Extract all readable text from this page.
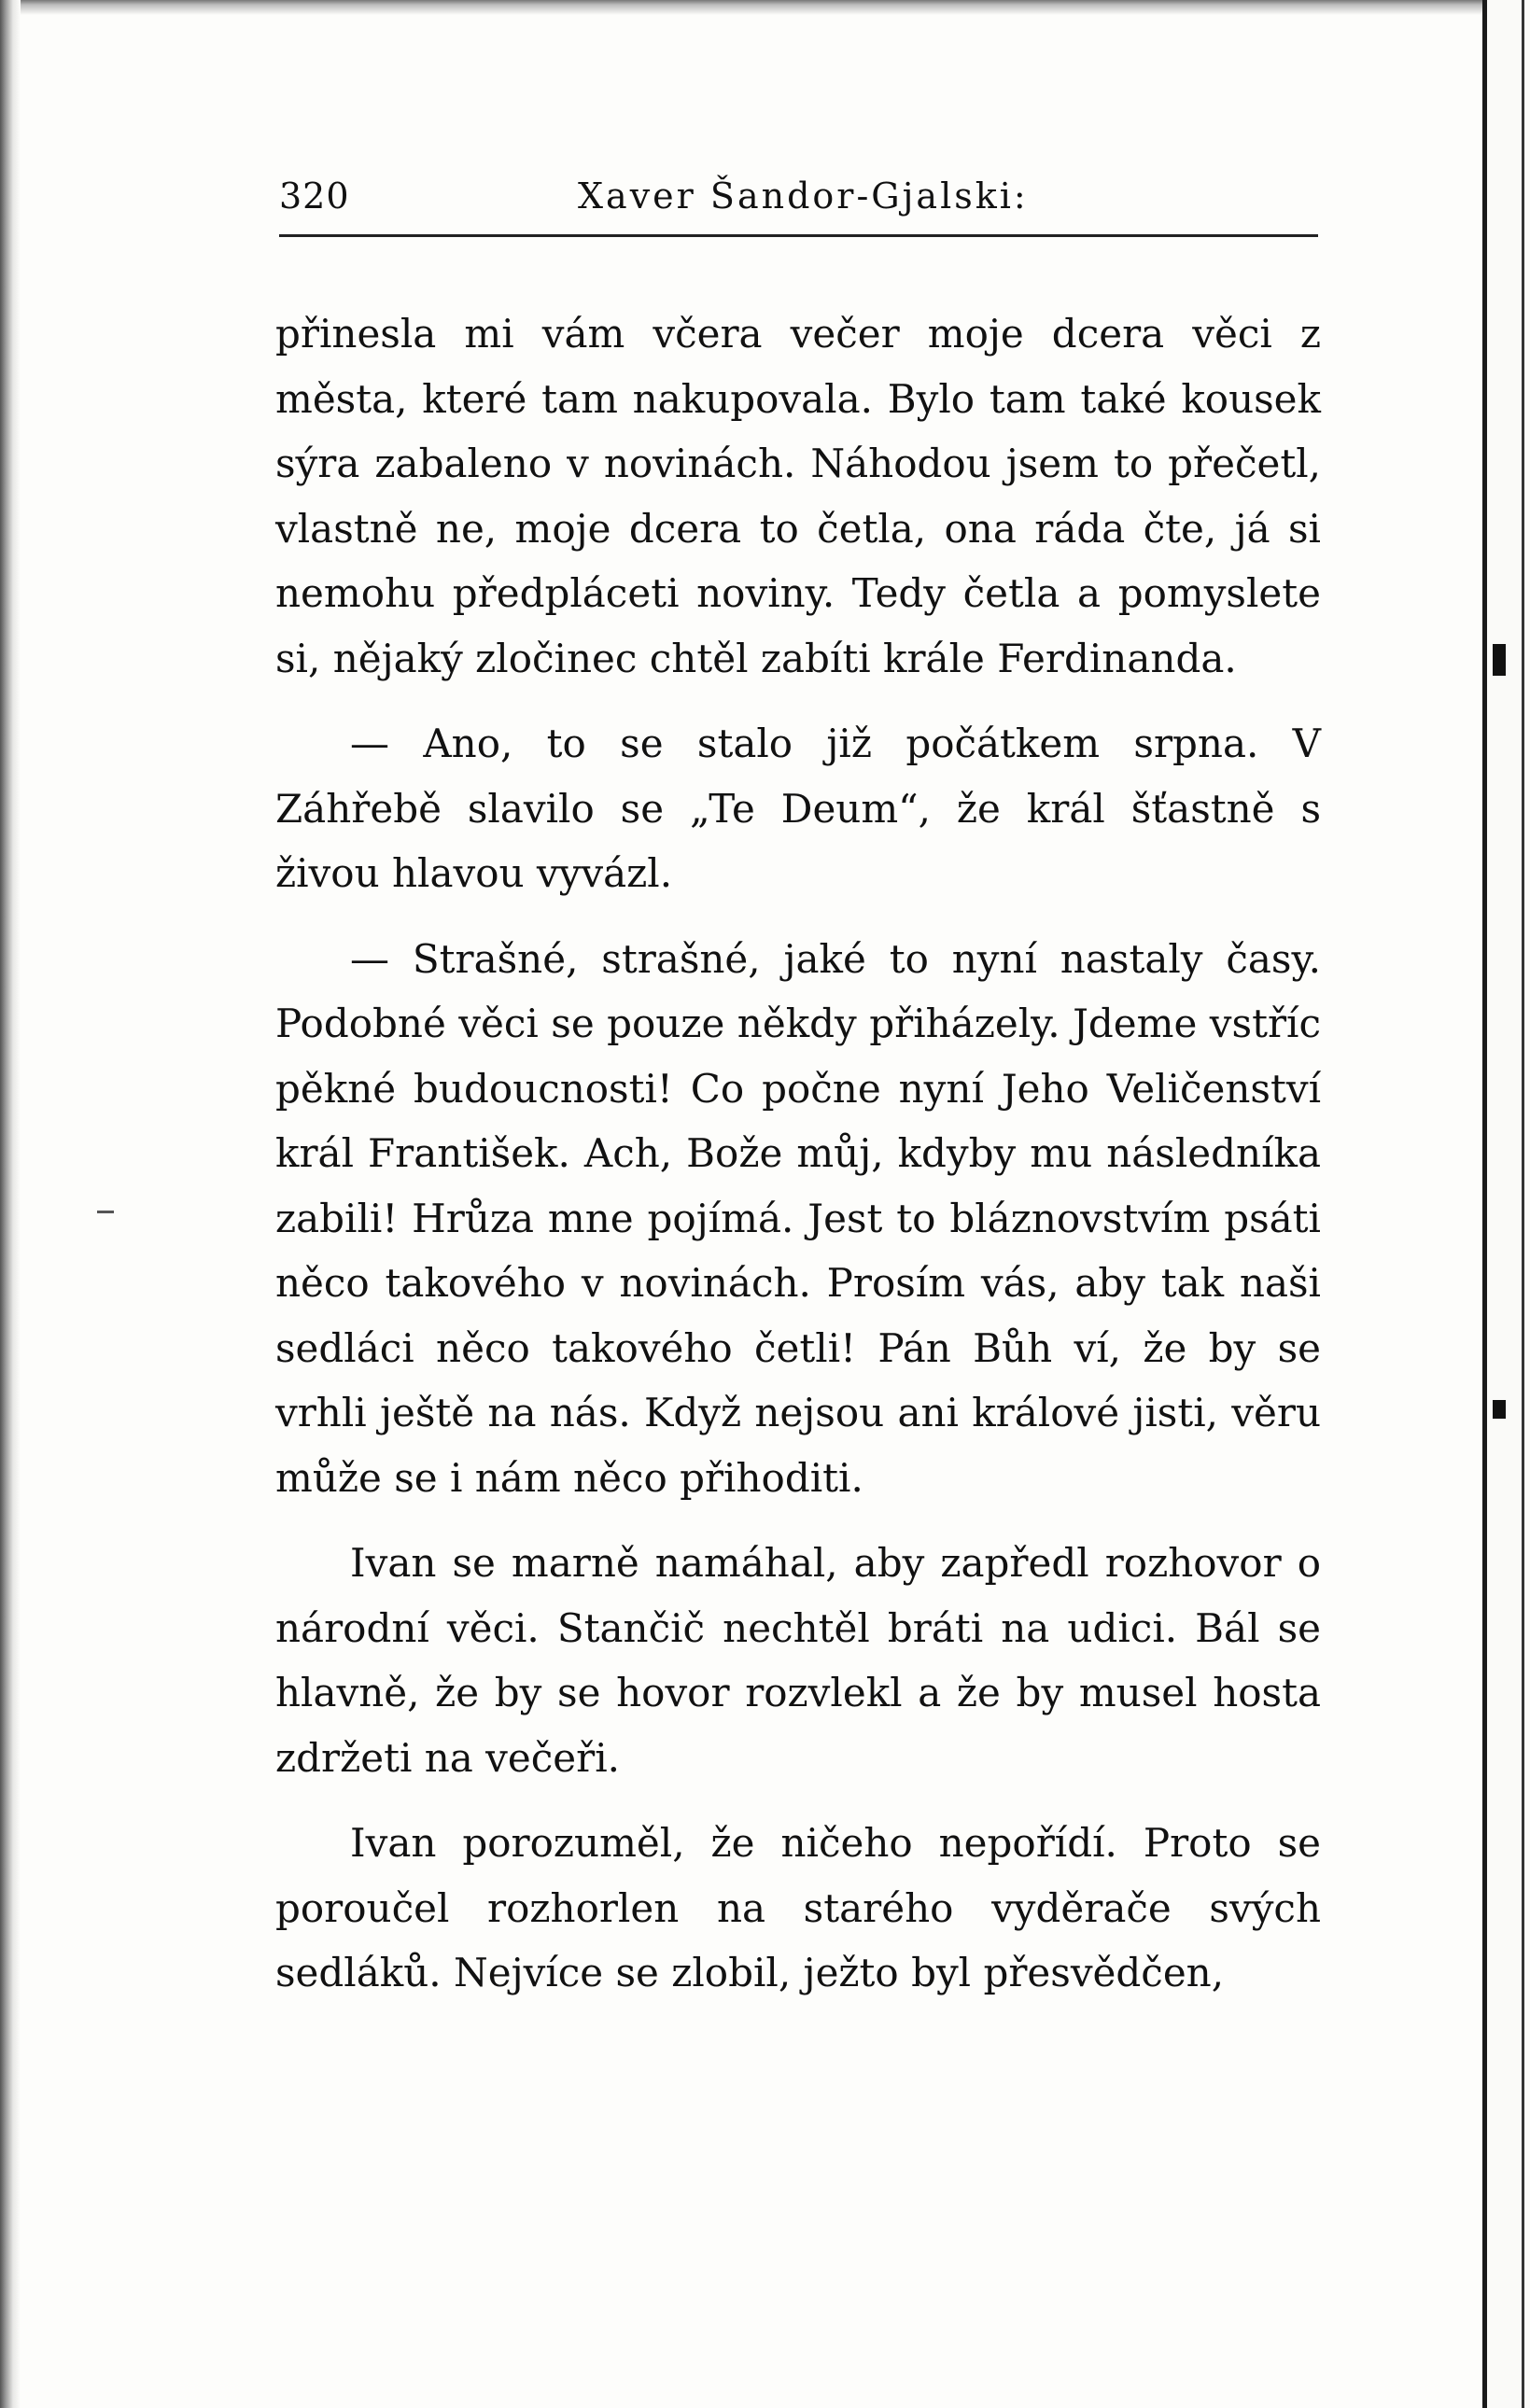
320	Xaver Šandor-Gjalski:

přinesla mi vám včera večer moje dcera věci z města, které tam nakupovala. Bylo tam také kousek sýra zabaleno v novinách. Náhodou jsem to přečetl, vlastně ne, moje dcera to četla, ona ráda čte, já si nemohu předpláceti noviny. Tedy četla a pomyslete si, nějaký zločinec chtěl zabíti krále Ferdinanda.

— Ano, to se stalo již počátkem srpna. V Záhřebě slavilo se „Te Deum“, že král šťastně s živou hlavou vyvázl.

— Strašné, strašné, jaké to nyní nastaly časy. Podobné věci se pouze někdy přiházely. Jdeme vstříc pěkné budoucnosti! Co počne nyní Jeho Veličenství král František. Ach, Bože můj, kdyby mu následníka zabili! Hrůza mne pojímá. Jest to bláznovstvím psáti něco takového v novinách. Prosím vás, aby tak naši sedláci něco takového četli! Pán Bůh ví, že by se vrhli ještě na nás. Když nejsou ani králové jisti, věru může se i nám něco přihoditi.

Ivan se marně namáhal, aby zapředl rozhovor o národní věci. Stančič nechtěl bráti na udici. Bál se hlavně, že by se hovor rozvlekl a že by musel hosta zdržeti na večeři.

Ivan porozuměl, že ničeho nepořídí. Proto se poroučel rozhorlen na starého vyděrače svých sedláků. Nejvíce se zlobil, ježto byl přesvědčen,
